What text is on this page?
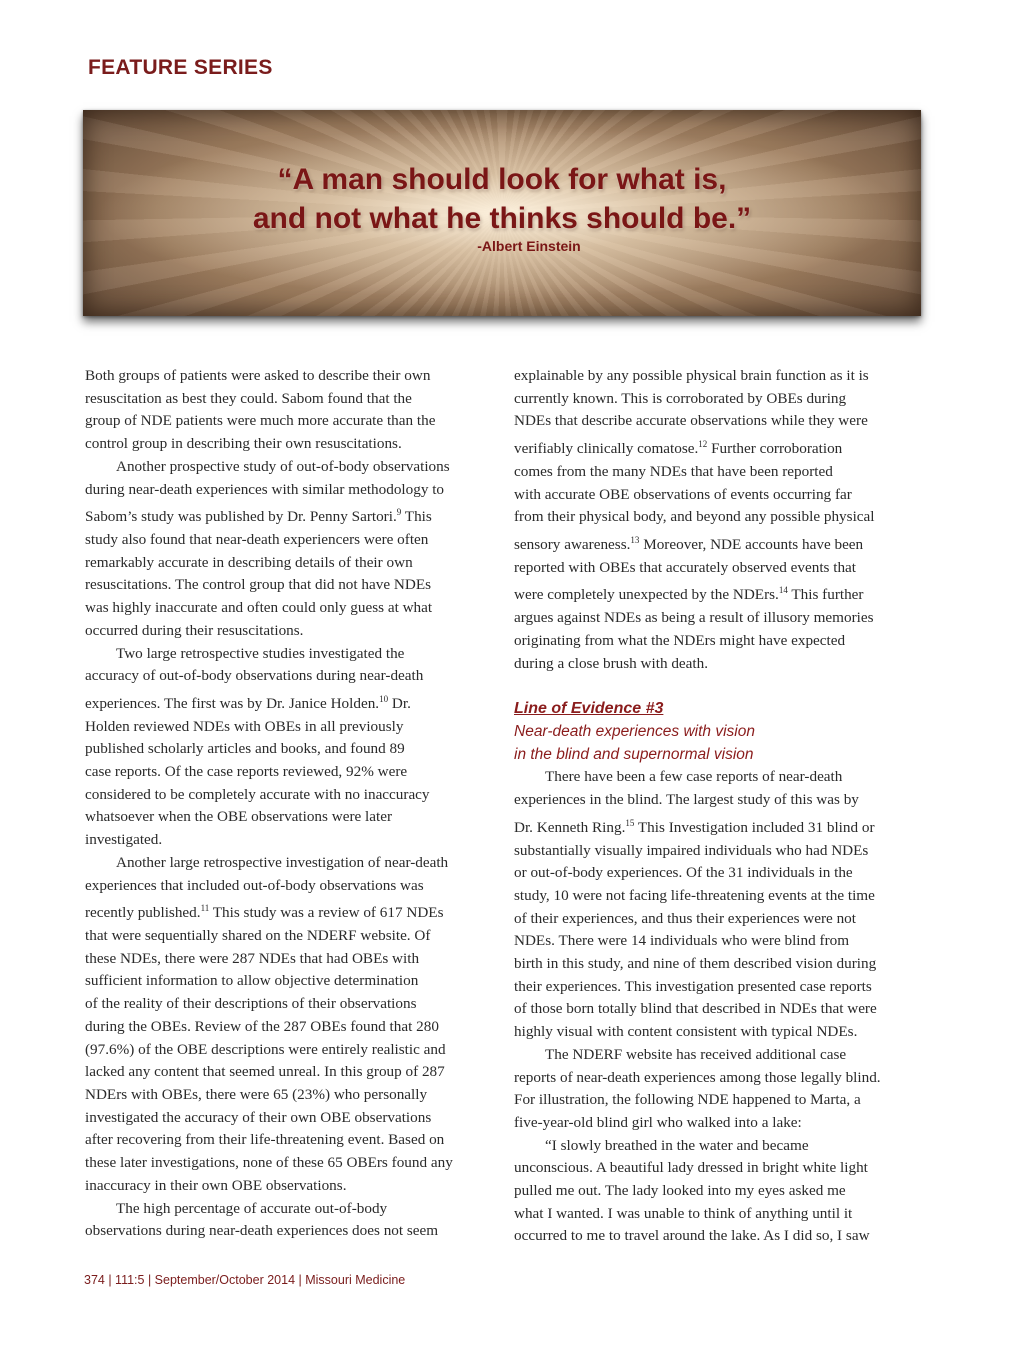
FEATURE SERIES
“A man should look for what is,
and not what he thinks should be.”
-Albert Einstein
Both groups of patients were asked to describe their own
resuscitation as best they could. Sabom found that the
group of NDE patients were much more accurate than the
control group in describing their own resuscitations.
Another prospective study of out-of-body observations
during near-death experiences with similar methodology to
Sabom’s study was published by Dr. Penny Sartori.$^9$ This
study also found that near-death experiencers were often
remarkably accurate in describing details of their own
resuscitations. The control group that did not have NDEs
was highly inaccurate and often could only guess at what
occurred during their resuscitations.
Two large retrospective studies investigated the
accuracy of out-of-body observations during near-death
experiences. The first was by Dr. Janice Holden.$^{10}$ Dr.
Holden reviewed NDEs with OBEs in all previously
published scholarly articles and books, and found 89
case reports. Of the case reports reviewed, 92% were
considered to be completely accurate with no inaccuracy
whatsoever when the OBE observations were later
investigated.
Another large retrospective investigation of near-death
experiences that included out-of-body observations was
recently published.$^{11}$ This study was a review of 617 NDEs
that were sequentially shared on the NDERF website. Of
these NDEs, there were 287 NDEs that had OBEs with
sufficient information to allow objective determination
of the reality of their descriptions of their observations
during the OBEs. Review of the 287 OBEs found that 280
(97.6%) of the OBE descriptions were entirely realistic and
lacked any content that seemed unreal. In this group of 287
NDErs with OBEs, there were 65 (23%) who personally
investigated the accuracy of their own OBE observations
after recovering from their life-threatening event. Based on
these later investigations, none of these 65 OBErs found any
inaccuracy in their own OBE observations.
The high percentage of accurate out-of-body
observations during near-death experiences does not seem
explainable by any possible physical brain function as it is
currently known. This is corroborated by OBEs during
NDEs that describe accurate observations while they were
verifiably clinically comatose.$^{12}$ Further corroboration
comes from the many NDEs that have been reported
with accurate OBE observations of events occurring far
from their physical body, and beyond any possible physical
sensory awareness.$^{13}$ Moreover, NDE accounts have been
reported with OBEs that accurately observed events that
were completely unexpected by the NDErs.$^{14}$ This further
argues against NDEs as being a result of illusory memories
originating from what the NDErs might have expected
during a close brush with death.
Line of Evidence #3
Near-death experiences with vision
in the blind and supernormal vision
There have been a few case reports of near-death
experiences in the blind. The largest study of this was by
Dr. Kenneth Ring.$^{15}$ This Investigation included 31 blind or
substantially visually impaired individuals who had NDEs
or out-of-body experiences. Of the 31 individuals in the
study, 10 were not facing life-threatening events at the time
of their experiences, and thus their experiences were not
NDEs. There were 14 individuals who were blind from
birth in this study, and nine of them described vision during
their experiences. This investigation presented case reports
of those born totally blind that described in NDEs that were
highly visual with content consistent with typical NDEs.
The NDERF website has received additional case
reports of near-death experiences among those legally blind.
For illustration, the following NDE happened to Marta, a
five-year-old blind girl who walked into a lake:
“I slowly breathed in the water and became
unconscious. A beautiful lady dressed in bright white light
pulled me out. The lady looked into my eyes asked me
what I wanted. I was unable to think of anything until it
occurred to me to travel around the lake. As I did so, I saw
374 | 111:5 | September/October 2014 | Missouri Medicine
